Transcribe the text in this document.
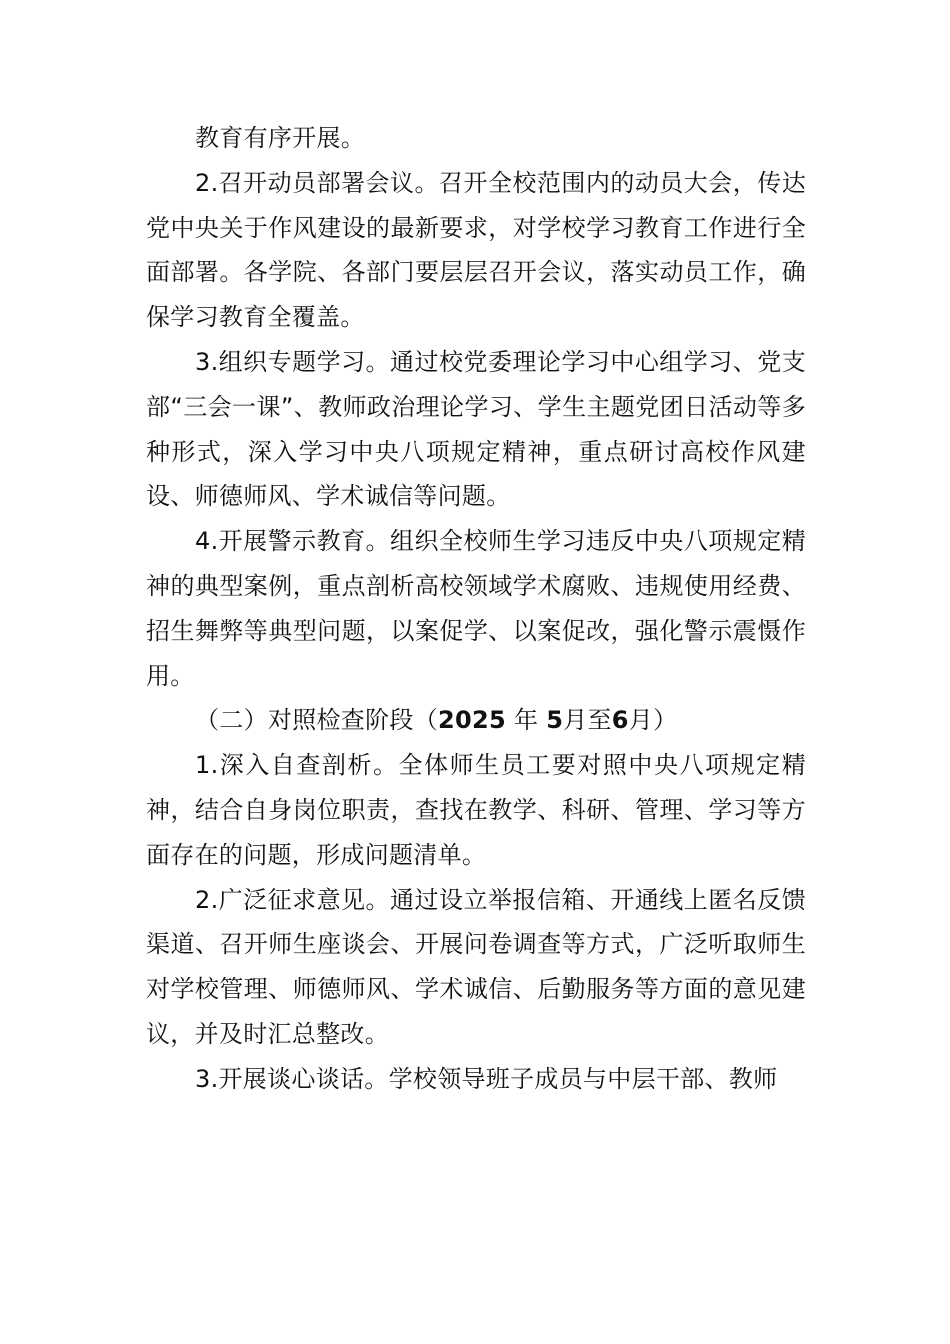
教育有序开展。

2.召开动员部署会议。召开全校范围内的动员大会，传达党中央关于作风建设的最新要求，对学校学习教育工作进行全面部署。各学院、各部门要层层召开会议，落实动员工作，确保学习教育全覆盖。

3.组织专题学习。通过校党委理论学习中心组学习、党支部“三会一课”、教师政治理论学习、学生主题党团日活动等多种形式，深入学习中央八项规定精神，重点研讨高校作风建设、师德师风、学术诚信等问题。

4.开展警示教育。组织全校师生学习违反中央八项规定精神的典型案例，重点剖析高校领域学术腐败、违规使用经费、招生舞弊等典型问题，以案促学、以案促改，强化警示震慑作用。

（二）对照检查阶段（2025 年 5月至6月）

1.深入自查剖析。全体师生员工要对照中央八项规定精神，结合自身岗位职责，查找在教学、科研、管理、学习等方面存在的问题，形成问题清单。

2.广泛征求意见。通过设立举报信箱、开通线上匿名反馈渠道、召开师生座谈会、开展问卷调查等方式，广泛听取师生对学校管理、师德师风、学术诚信、后勤服务等方面的意见建议，并及时汇总整改。

3.开展谈心谈话。学校领导班子成员与中层干部、教师
